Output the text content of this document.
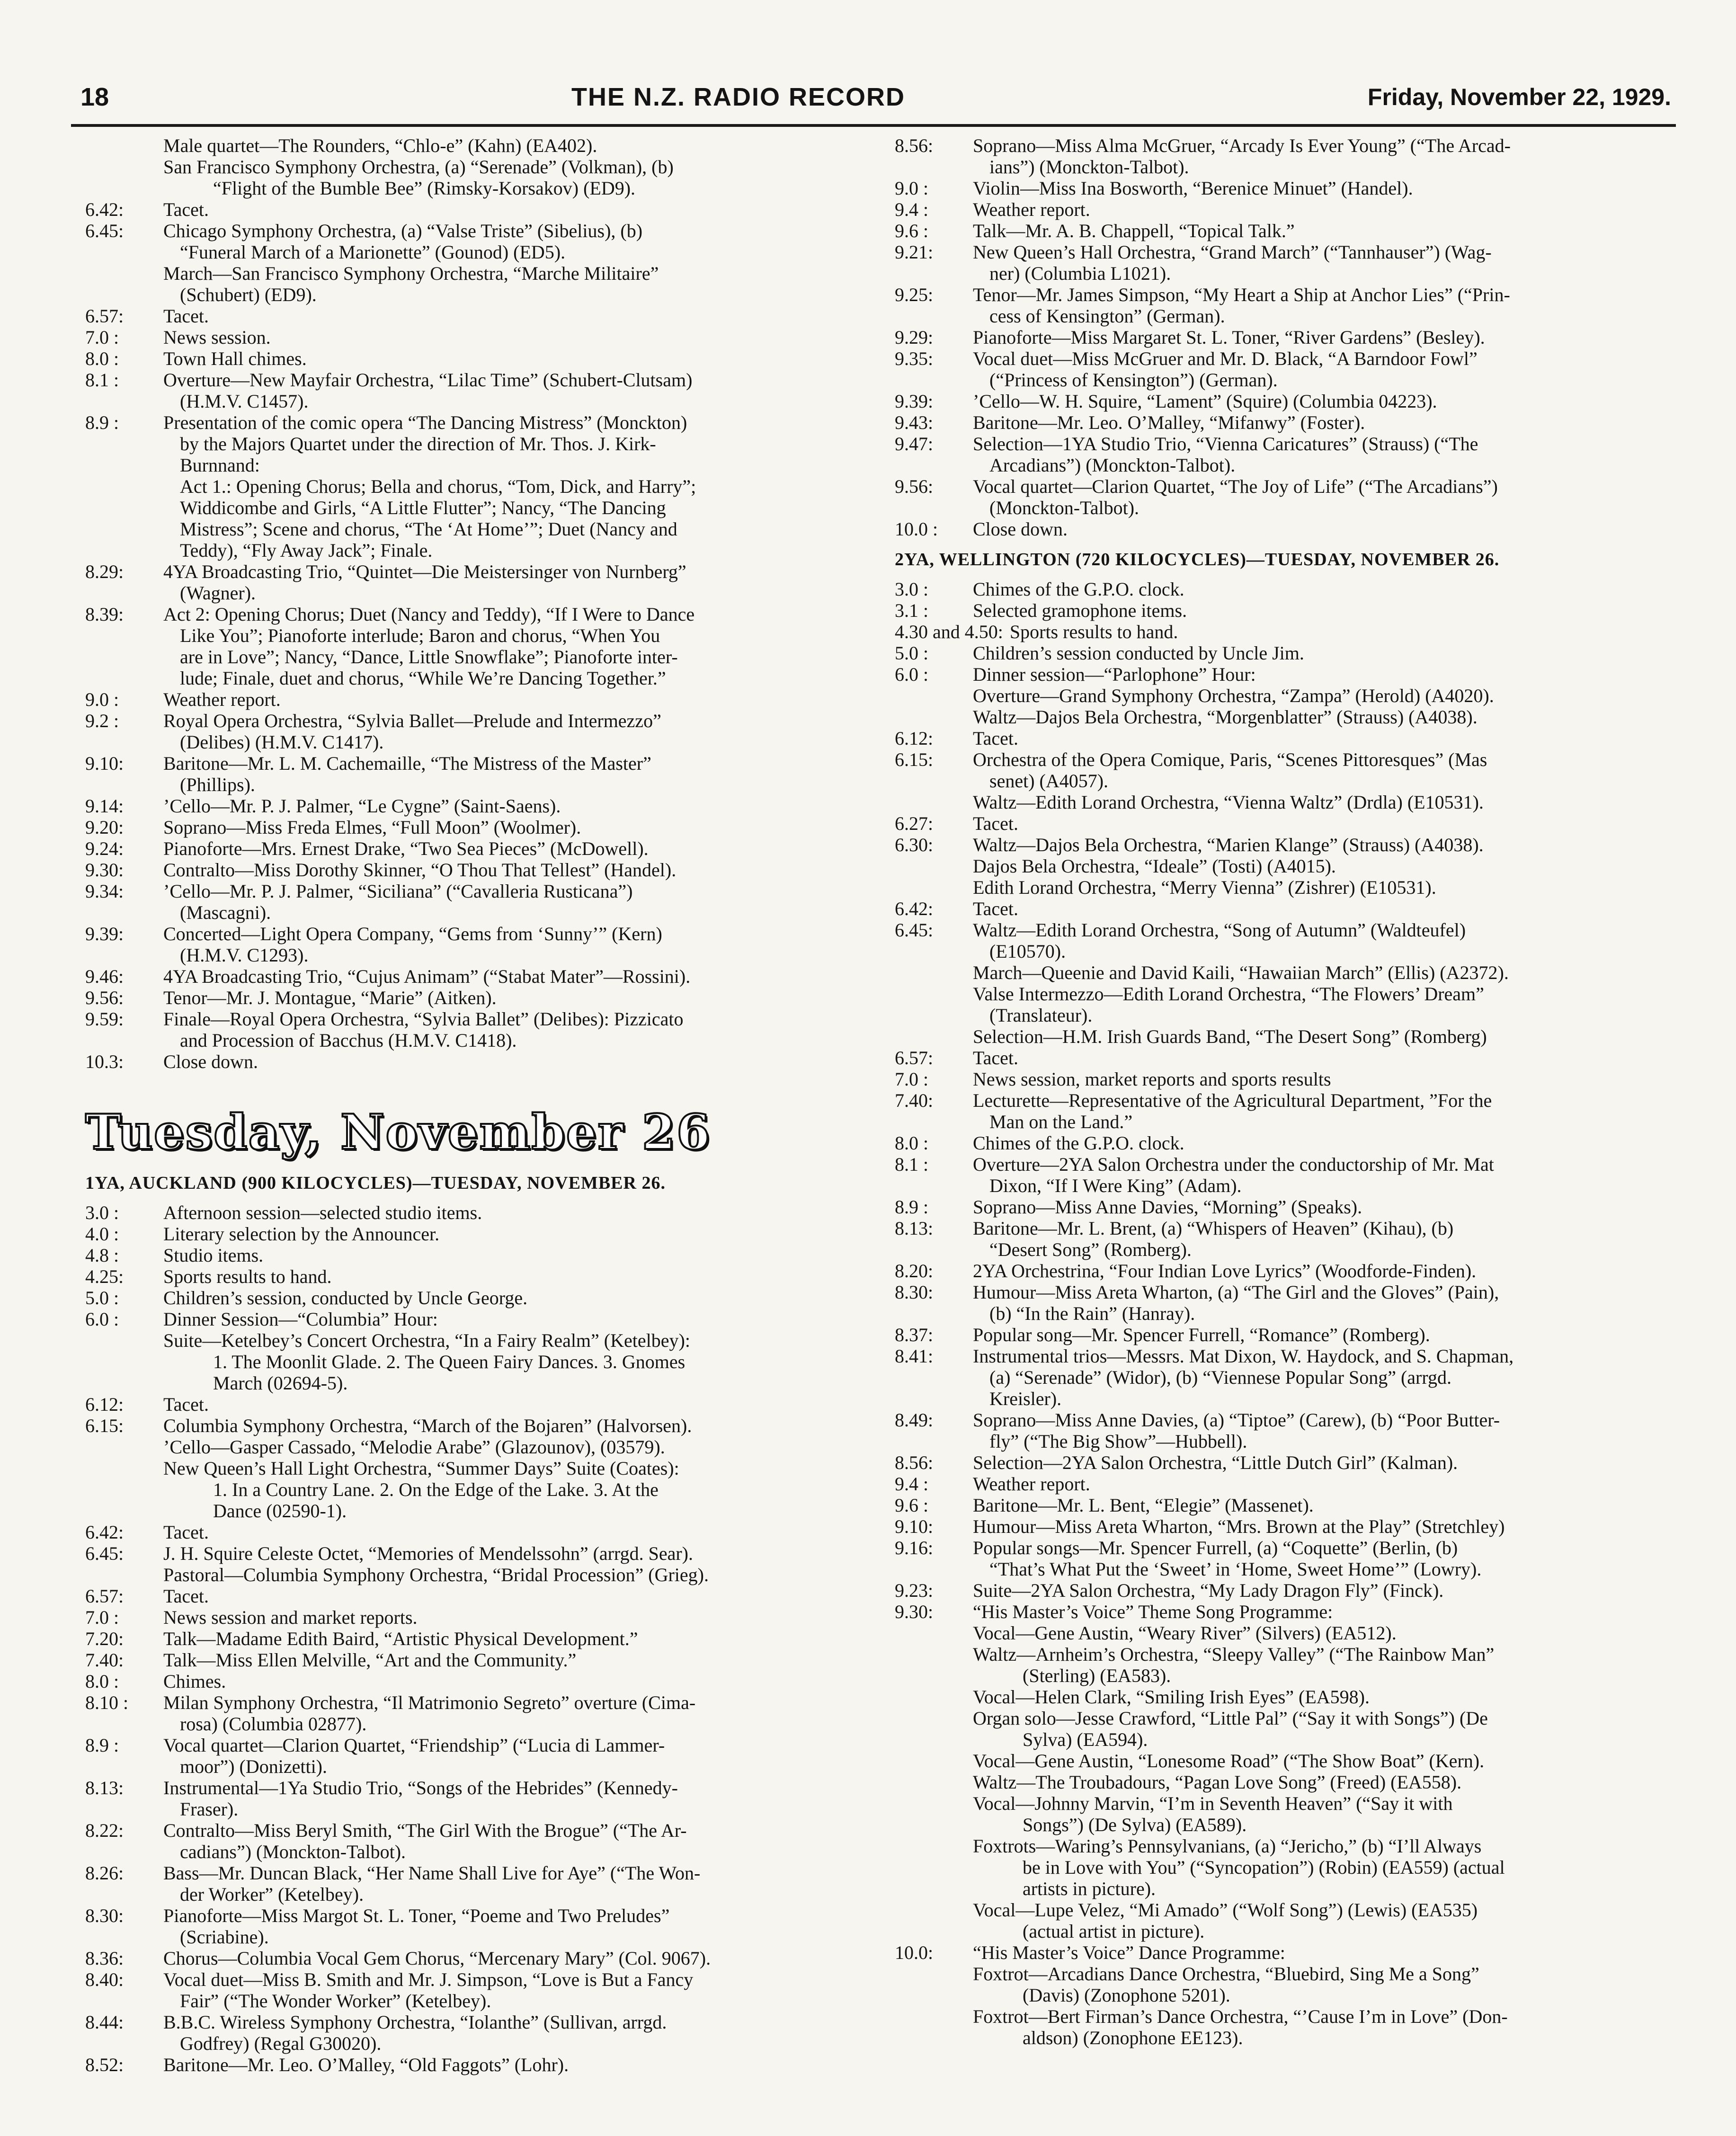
18	THE N.Z. RADIO RECORD	Friday, November 22, 1929.
Male quartet—The Rounders, “Chlo-e” (Kahn) (EA402).
San Francisco Symphony Orchestra, (a) “Serenade” (Volkman), (b)
“Flight of the Bumble Bee” (Rimsky-Korsakov) (ED9).
6.42:	Tacet.
6.45:	Chicago Symphony Orchestra, (a) “Valse Triste” (Sibelius), (b)
“Funeral March of a Marionette” (Gounod) (ED5).
March—San Francisco Symphony Orchestra, “Marche Militaire”
(Schubert) (ED9).
6.57:	Tacet.
7.0 :	News session.
8.0 :	Town Hall chimes.
8.1 :	Overture—New Mayfair Orchestra, “Lilac Time” (Schubert-Clutsam)
(H.M.V. C1457).
8.9 :	Presentation of the comic opera “The Dancing Mistress” (Monckton)
by the Majors Quartet under the direction of Mr. Thos. J. Kirk-
Burnnand:
Act 1.: Opening Chorus; Bella and chorus, “Tom, Dick, and Harry”;
Widdicombe and Girls, “A Little Flutter”; Nancy, “The Dancing
Mistress”; Scene and chorus, “The ‘At Home’”; Duet (Nancy and
Teddy), “Fly Away Jack”; Finale.
8.29:	4YA Broadcasting Trio, “Quintet—Die Meistersinger von Nurnberg”
(Wagner).
8.39:	Act 2: Opening Chorus; Duet (Nancy and Teddy), “If I Were to Dance
Like You”; Pianoforte interlude; Baron and chorus, “When You
are in Love”; Nancy, “Dance, Little Snowflake”; Pianoforte inter-
lude; Finale, duet and chorus, “While We’re Dancing Together.”
9.0 :	Weather report.
9.2 :	Royal Opera Orchestra, “Sylvia Ballet—Prelude and Intermezzo”
(Delibes) (H.M.V. C1417).
9.10:	Baritone—Mr. L. M. Cachemaille, “The Mistress of the Master”
(Phillips).
9.14:	’Cello—Mr. P. J. Palmer, “Le Cygne” (Saint-Saens).
9.20:	Soprano—Miss Freda Elmes, “Full Moon” (Woolmer).
9.24:	Pianoforte—Mrs. Ernest Drake, “Two Sea Pieces” (McDowell).
9.30:	Contralto—Miss Dorothy Skinner, “O Thou That Tellest” (Handel).
9.34:	’Cello—Mr. P. J. Palmer, “Siciliana” (“Cavalleria Rusticana”)
(Mascagni).
9.39:	Concerted—Light Opera Company, “Gems from ‘Sunny’” (Kern)
(H.M.V. C1293).
9.46:	4YA Broadcasting Trio, “Cujus Animam” (“Stabat Mater”—Rossini).
9.56:	Tenor—Mr. J. Montague, “Marie” (Aitken).
9.59:	Finale—Royal Opera Orchestra, “Sylvia Ballet” (Delibes): Pizzicato
and Procession of Bacchus (H.M.V. C1418).
10.3:	Close down.
Tuesday, November 26
1YA, AUCKLAND (900 KILOCYCLES)—TUESDAY, NOVEMBER 26.
3.0 :	Afternoon session—selected studio items.
4.0 :	Literary selection by the Announcer.
4.8 :	Studio items.
4.25:	Sports results to hand.
5.0 :	Children’s session, conducted by Uncle George.
6.0 :	Dinner Session—“Columbia” Hour:
Suite—Ketelbey’s Concert Orchestra, “In a Fairy Realm” (Ketelbey):
1. The Moonlit Glade. 2. The Queen Fairy Dances. 3. Gnomes
March (02694-5).
6.12:	Tacet.
6.15:	Columbia Symphony Orchestra, “March of the Bojaren” (Halvorsen).
’Cello—Gasper Cassado, “Melodie Arabe” (Glazounov), (03579).
New Queen’s Hall Light Orchestra, “Summer Days” Suite (Coates):
1. In a Country Lane. 2. On the Edge of the Lake. 3. At the
Dance (02590-1).
6.42:	Tacet.
6.45:	J. H. Squire Celeste Octet, “Memories of Mendelssohn” (arrgd. Sear).
Pastoral—Columbia Symphony Orchestra, “Bridal Procession” (Grieg).
6.57:	Tacet.
7.0 :	News session and market reports.
7.20:	Talk—Madame Edith Baird, “Artistic Physical Development.”
7.40:	Talk—Miss Ellen Melville, “Art and the Community.”
8.0 :	Chimes.
8.10 :	Milan Symphony Orchestra, “Il Matrimonio Segreto” overture (Cima-
rosa) (Columbia 02877).
8.9 :	Vocal quartet—Clarion Quartet, “Friendship” (“Lucia di Lammer-
moor”) (Donizetti).
8.13:	Instrumental—1Ya Studio Trio, “Songs of the Hebrides” (Kennedy-
Fraser).
8.22:	Contralto—Miss Beryl Smith, “The Girl With the Brogue” (“The Ar-
cadians”) (Monckton-Talbot).
8.26:	Bass—Mr. Duncan Black, “Her Name Shall Live for Aye” (“The Won-
der Worker” (Ketelbey).
8.30:	Pianoforte—Miss Margot St. L. Toner, “Poeme and Two Preludes”
(Scriabine).
8.36:	Chorus—Columbia Vocal Gem Chorus, “Mercenary Mary” (Col. 9067).
8.40:	Vocal duet—Miss B. Smith and Mr. J. Simpson, “Love is But a Fancy
Fair” (“The Wonder Worker” (Ketelbey).
8.44:	B.B.C. Wireless Symphony Orchestra, “Iolanthe” (Sullivan, arrgd.
Godfrey) (Regal G30020).
8.52:	Baritone—Mr. Leo. O’Malley, “Old Faggots” (Lohr).
8.56:	Soprano—Miss Alma McGruer, “Arcady Is Ever Young” (“The Arcad-
ians”) (Monckton-Talbot).
9.0 :	Violin—Miss Ina Bosworth, “Berenice Minuet” (Handel).
9.4 :	Weather report.
9.6 :	Talk—Mr. A. B. Chappell, “Topical Talk.”
9.21:	New Queen’s Hall Orchestra, “Grand March” (“Tannhauser”) (Wag-
ner) (Columbia L1021).
9.25:	Tenor—Mr. James Simpson, “My Heart a Ship at Anchor Lies” (“Prin-
cess of Kensington” (German).
9.29:	Pianoforte—Miss Margaret St. L. Toner, “River Gardens” (Besley).
9.35:	Vocal duet—Miss McGruer and Mr. D. Black, “A Barndoor Fowl”
(“Princess of Kensington”) (German).
9.39:	’Cello—W. H. Squire, “Lament” (Squire) (Columbia 04223).
9.43:	Baritone—Mr. Leo. O’Malley, “Mifanwy” (Foster).
9.47:	Selection—1YA Studio Trio, “Vienna Caricatures” (Strauss) (“The
Arcadians”) (Monckton-Talbot).
9.56:	Vocal quartet—Clarion Quartet, “The Joy of Life” (“The Arcadians”)
(Monckton-Talbot).
10.0 :	Close down.
2YA, WELLINGTON (720 KILOCYCLES)—TUESDAY, NOVEMBER 26.
3.0 :	Chimes of the G.P.O. clock.
3.1 :	Selected gramophone items.
4.30 and 4.50: Sports results to hand.
5.0 :	Children’s session conducted by Uncle Jim.
6.0 :	Dinner session—“Parlophone” Hour:
Overture—Grand Symphony Orchestra, “Zampa” (Herold) (A4020).
Waltz—Dajos Bela Orchestra, “Morgenblatter” (Strauss) (A4038).
6.12:	Tacet.
6.15:	Orchestra of the Opera Comique, Paris, “Scenes Pittoresques” (Mas
senet) (A4057).
Waltz—Edith Lorand Orchestra, “Vienna Waltz” (Drdla) (E10531).
6.27:	Tacet.
6.30:	Waltz—Dajos Bela Orchestra, “Marien Klange” (Strauss) (A4038).
Dajos Bela Orchestra, “Ideale” (Tosti) (A4015).
Edith Lorand Orchestra, “Merry Vienna” (Zishrer) (E10531).
6.42:	Tacet.
6.45:	Waltz—Edith Lorand Orchestra, “Song of Autumn” (Waldteufel)
(E10570).
March—Queenie and David Kaili, “Hawaiian March” (Ellis) (A2372).
Valse Intermezzo—Edith Lorand Orchestra, “The Flowers’ Dream”
(Translateur).
Selection—H.M. Irish Guards Band, “The Desert Song” (Romberg)
6.57:	Tacet.
7.0 :	News session, market reports and sports results
7.40:	Lecturette—Representative of the Agricultural Department, ”For the
Man on the Land.”
8.0 :	Chimes of the G.P.O. clock.
8.1 :	Overture—2YA Salon Orchestra under the conductorship of Mr. Mat
Dixon, “If I Were King” (Adam).
8.9 :	Soprano—Miss Anne Davies, “Morning” (Speaks).
8.13:	Baritone—Mr. L. Brent, (a) “Whispers of Heaven” (Kihau), (b)
“Desert Song” (Romberg).
8.20:	2YA Orchestrina, “Four Indian Love Lyrics” (Woodforde-Finden).
8.30:	Humour—Miss Areta Wharton, (a) “The Girl and the Gloves” (Pain),
(b) “In the Rain” (Hanray).
8.37:	Popular song—Mr. Spencer Furrell, “Romance” (Romberg).
8.41:	Instrumental trios—Messrs. Mat Dixon, W. Haydock, and S. Chapman,
(a) “Serenade” (Widor), (b) “Viennese Popular Song” (arrgd.
Kreisler).
8.49:	Soprano—Miss Anne Davies, (a) “Tiptoe” (Carew), (b) “Poor Butter-
fly” (“The Big Show”—Hubbell).
8.56:	Selection—2YA Salon Orchestra, “Little Dutch Girl” (Kalman).
9.4 :	Weather report.
9.6 :	Baritone—Mr. L. Bent, “Elegie” (Massenet).
9.10:	Humour—Miss Areta Wharton, “Mrs. Brown at the Play” (Stretchley)
9.16:	Popular songs—Mr. Spencer Furrell, (a) “Coquette” (Berlin, (b)
“That’s What Put the ‘Sweet’ in ‘Home, Sweet Home’” (Lowry).
9.23:	Suite—2YA Salon Orchestra, “My Lady Dragon Fly” (Finck).
9.30:	“His Master’s Voice” Theme Song Programme:
Vocal—Gene Austin, “Weary River” (Silvers) (EA512).
Waltz—Arnheim’s Orchestra, “Sleepy Valley” (“The Rainbow Man”
(Sterling) (EA583).
Vocal—Helen Clark, “Smiling Irish Eyes” (EA598).
Organ solo—Jesse Crawford, “Little Pal” (“Say it with Songs”) (De
Sylva) (EA594).
Vocal—Gene Austin, “Lonesome Road” (“The Show Boat” (Kern).
Waltz—The Troubadours, “Pagan Love Song” (Freed) (EA558).
Vocal—Johnny Marvin, “I’m in Seventh Heaven” (“Say it with
Songs”) (De Sylva) (EA589).
Foxtrots—Waring’s Pennsylvanians, (a) “Jericho,” (b) “I’ll Always
be in Love with You” (“Syncopation”) (Robin) (EA559) (actual
artists in picture).
Vocal—Lupe Velez, “Mi Amado” (“Wolf Song”) (Lewis) (EA535)
(actual artist in picture).
10.0:	“His Master’s Voice” Dance Programme:
Foxtrot—Arcadians Dance Orchestra, “Bluebird, Sing Me a Song”
(Davis) (Zonophone 5201).
Foxtrot—Bert Firman’s Dance Orchestra, “’Cause I’m in Love” (Don-
aldson) (Zonophone EE123).
